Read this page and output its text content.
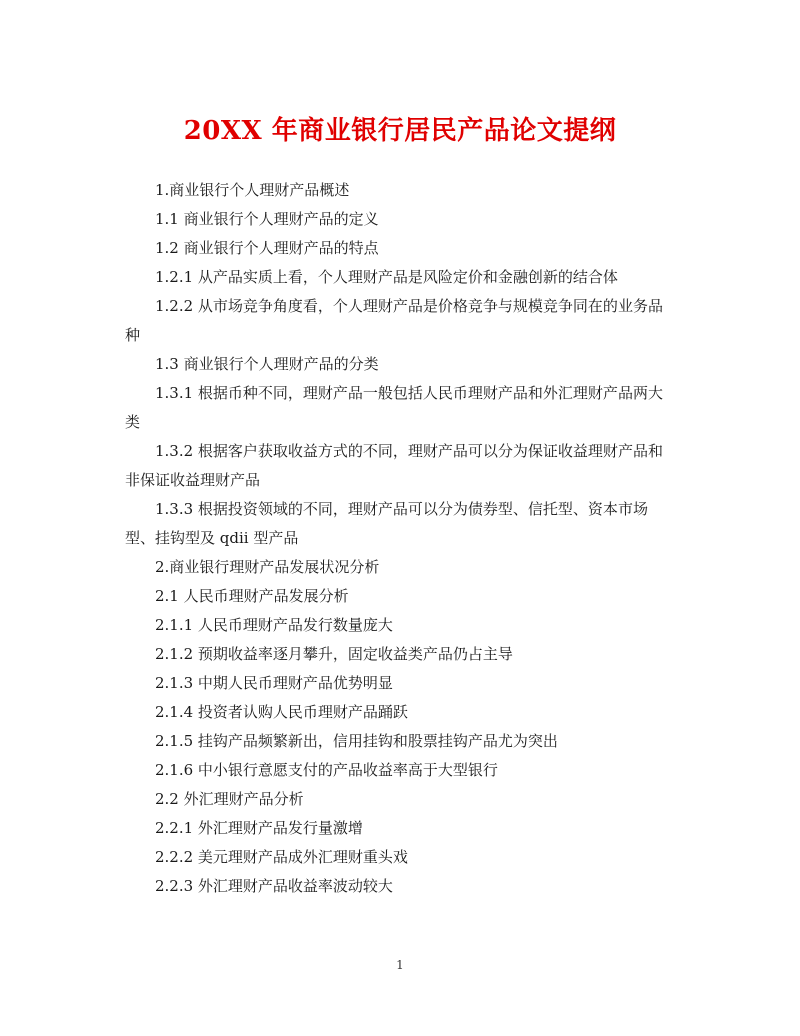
20XX 年商业银行居民产品论文提纲

1.商业银行个人理财产品概述

1.1 商业银行个人理财产品的定义

1.2 商业银行个人理财产品的特点

1.2.1 从产品实质上看，个人理财产品是风险定价和金融创新的结合体

1.2.2 从市场竞争角度看，个人理财产品是价格竞争与规模竞争同在的业务品种

1.3 商业银行个人理财产品的分类

1.3.1 根据币种不同，理财产品一般包括人民币理财产品和外汇理财产品两大类

1.3.2 根据客户获取收益方式的不同，理财产品可以分为保证收益理财产品和非保证收益理财产品

1.3.3 根据投资领域的不同，理财产品可以分为债券型、信托型、资本市场型、挂钩型及 qdii 型产品

2.商业银行理财产品发展状况分析

2.1 人民币理财产品发展分析

2.1.1 人民币理财产品发行数量庞大

2.1.2 预期收益率逐月攀升，固定收益类产品仍占主导

2.1.3 中期人民币理财产品优势明显

2.1.4 投资者认购人民币理财产品踊跃

2.1.5 挂钩产品频繁新出，信用挂钩和股票挂钩产品尤为突出

2.1.6 中小银行意愿支付的产品收益率高于大型银行

2.2 外汇理财产品分析

2.2.1 外汇理财产品发行量激增

2.2.2 美元理财产品成外汇理财重头戏

2.2.3 外汇理财产品收益率波动较大

1
